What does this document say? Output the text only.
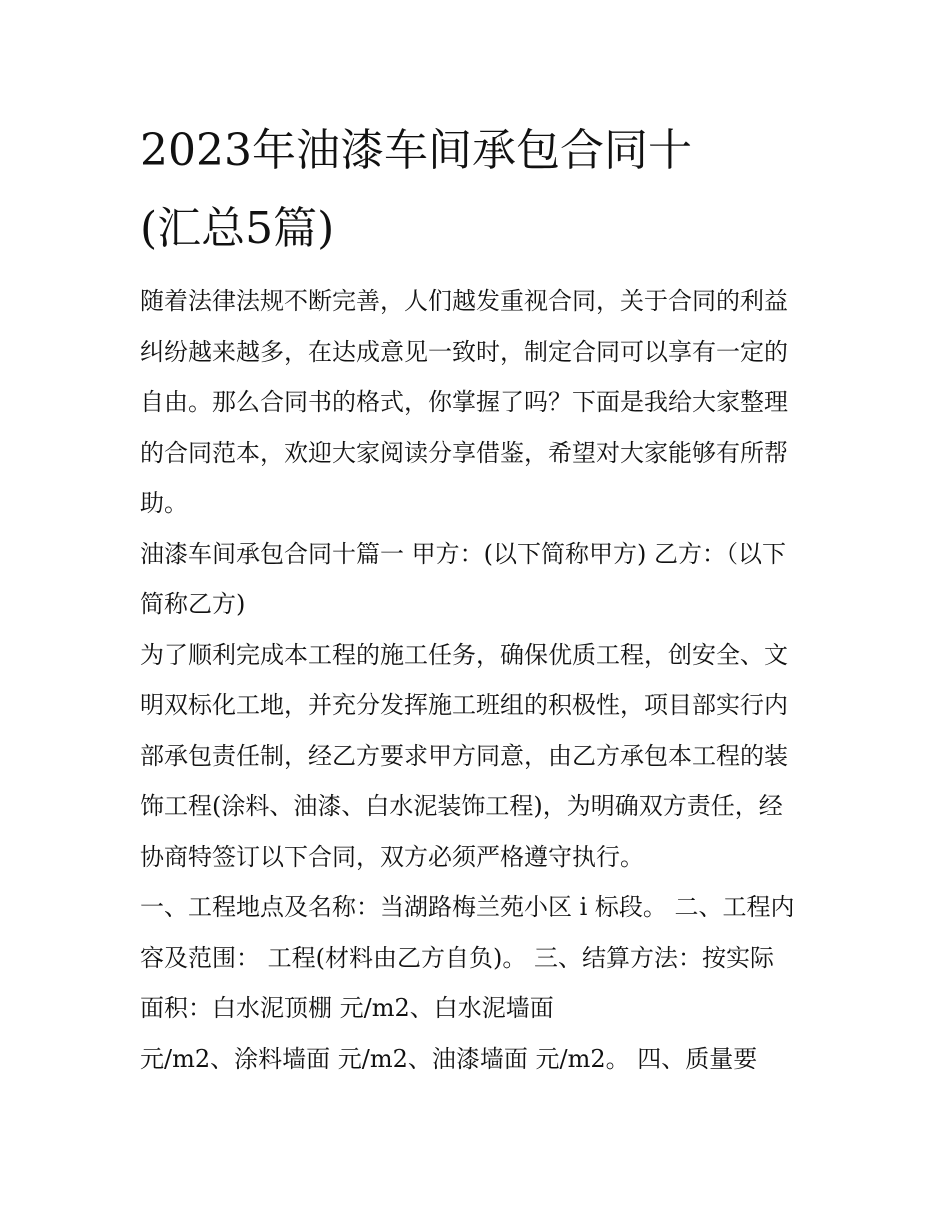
2023年油漆车间承包合同十
(汇总5篇)

随着法律法规不断完善，人们越发重视合同，关于合同的利益
纠纷越来越多，在达成意见一致时，制定合同可以享有一定的
自由。那么合同书的格式，你掌握了吗？下面是我给大家整理
的合同范本，欢迎大家阅读分享借鉴，希望对大家能够有所帮
助。

油漆车间承包合同十篇一 甲方：(以下简称甲方) 乙方：（以下
简称乙方)

为了顺利完成本工程的施工任务，确保优质工程，创安全、文
明双标化工地，并充分发挥施工班组的积极性，项目部实行内
部承包责任制，经乙方要求甲方同意，由乙方承包本工程的装
饰工程(涂料、油漆、白水泥装饰工程)，为明确双方责任，经
协商特签订以下合同，双方必须严格遵守执行。

一、工程地点及名称：当湖路梅兰苑小区 i 标段。 二、工程内
容及范围： 工程(材料由乙方自负)。 三、结算方法：按实际
面积：白水泥顶棚 元/m2、白水泥墙面

元/m2、涂料墙面 元/m2、油漆墙面 元/m2。 四、质量要
